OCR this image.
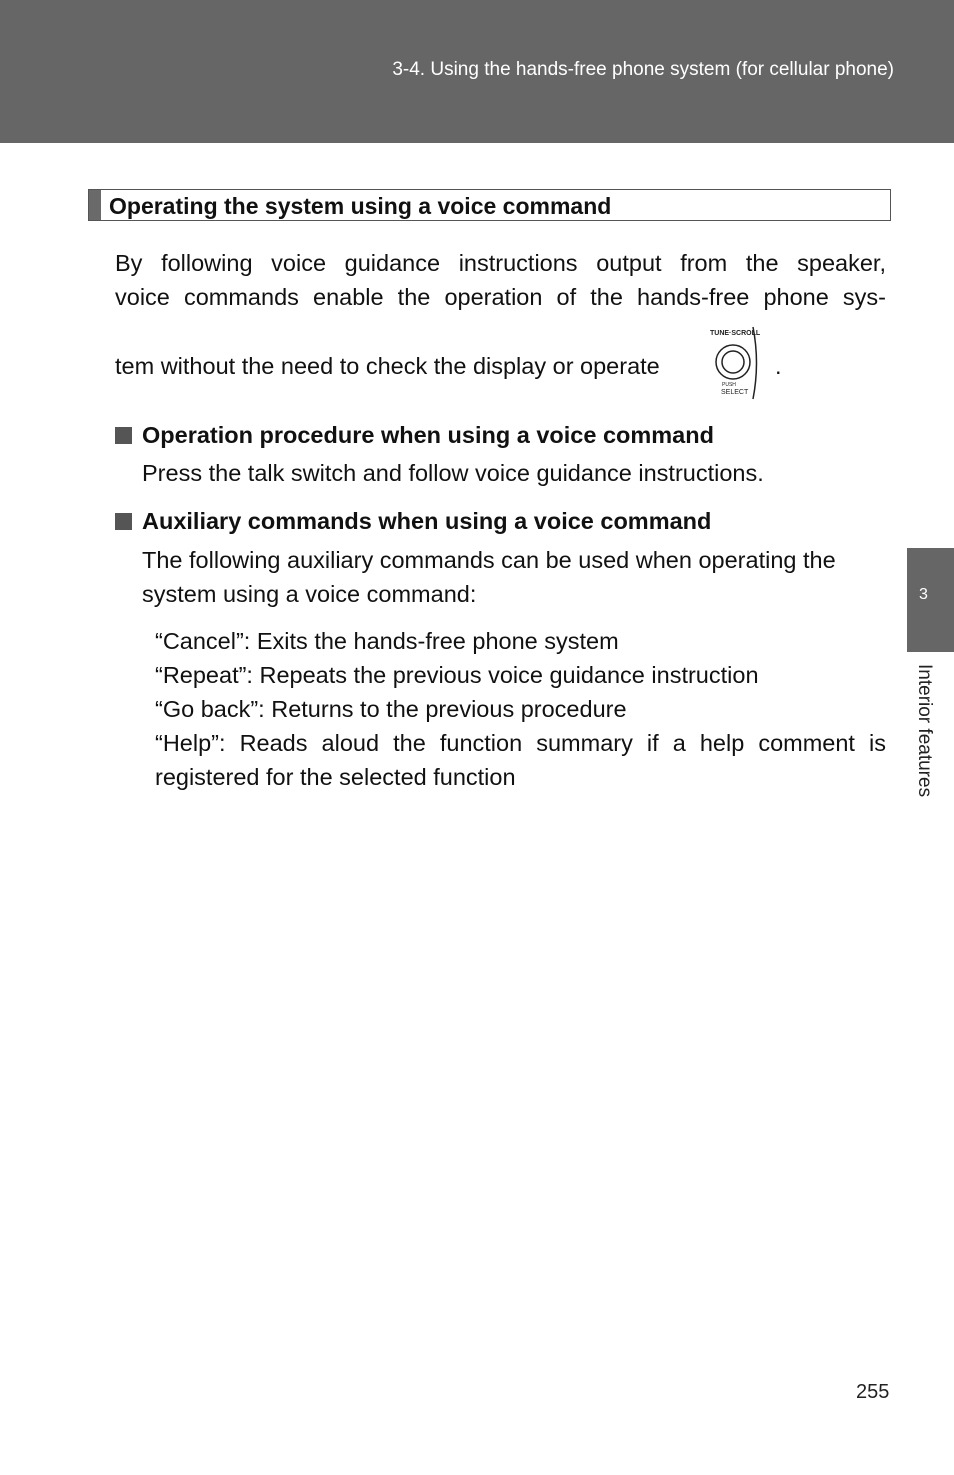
3-4. Using the hands-free phone system (for cellular phone)
Operating the system using a voice command
By following voice guidance instructions output from the speaker,
voice commands enable the operation of the hands-free phone sys-
tem without the need to check the display or operate
TUNE·SCROLL
PUSH
SELECT
.
Operation procedure when using a voice command
Press the talk switch and follow voice guidance instructions.
Auxiliary commands when using a voice command
The following auxiliary commands can be used when operating the system using a voice command:

“Cancel”: Exits the hands-free phone system

“Repeat”: Repeats the previous voice guidance instruction

“Go back”: Returns to the previous procedure

“Help”: Reads aloud the function summary if a help comment is registered for the selected function

3
Interior features
255
